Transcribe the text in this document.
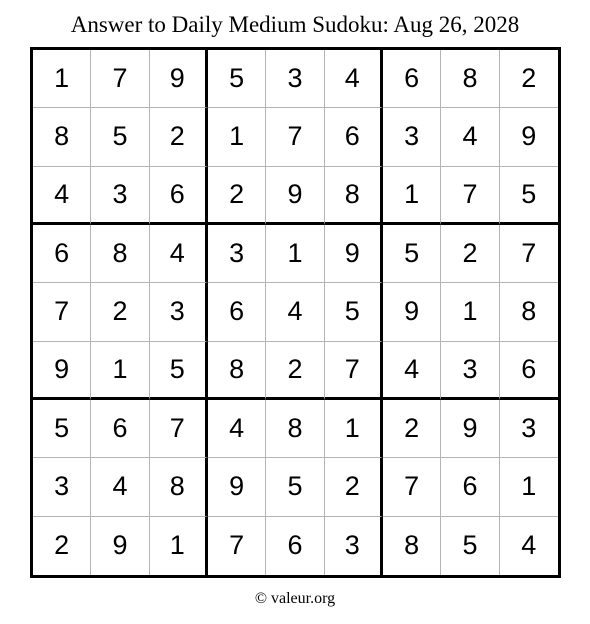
Answer to Daily Medium Sudoku: Aug 26, 2028
1	7	9	5	3	4	6	8	2
8	5	2	1	7	6	3	4	9
4	3	6	2	9	8	1	7	5
6	8	4	3	1	9	5	2	7
7	2	3	6	4	5	9	1	8
9	1	5	8	2	7	4	3	6
5	6	7	4	8	1	2	9	3
3	4	8	9	5	2	7	6	1
2	9	1	7	6	3	8	5	4
© valeur.org
